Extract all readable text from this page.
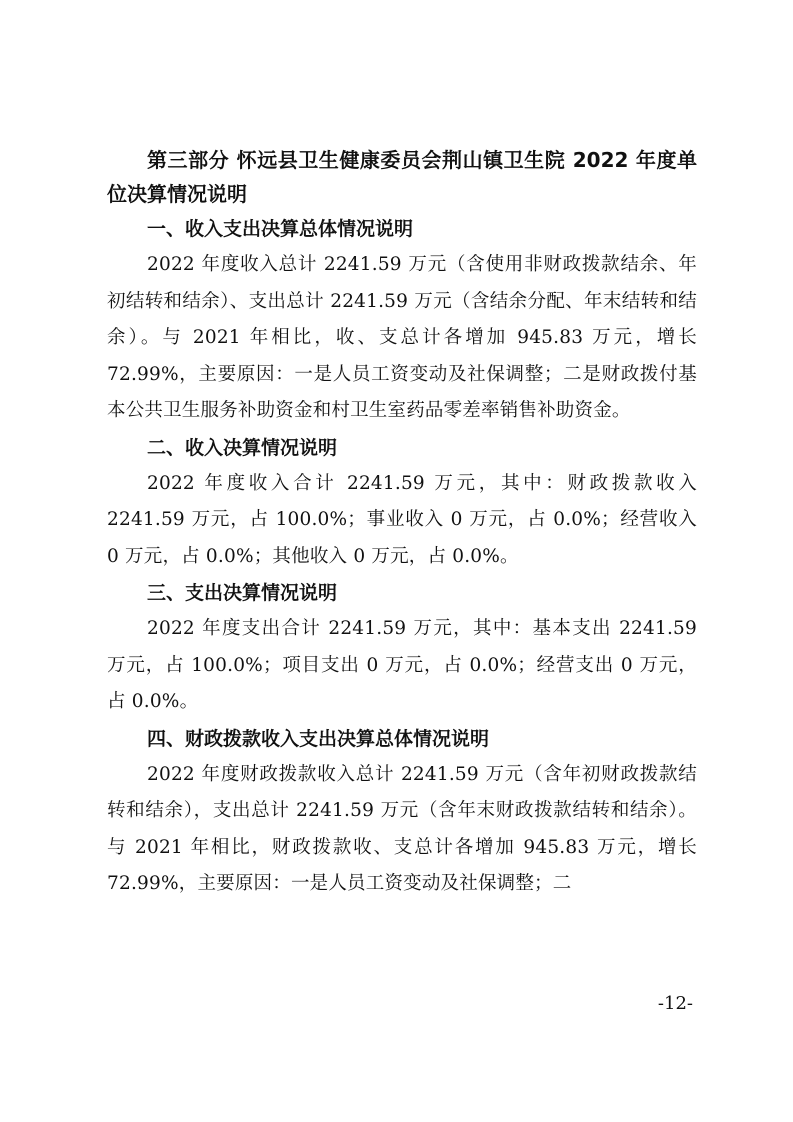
第三部分 怀远县卫生健康委员会荆山镇卫生院 2022 年度单位决算情况说明

一、收入支出决算总体情况说明

2022 年度收入总计 2241.59 万元（含使用非财政拨款结余、年初结转和结余）、支出总计 2241.59 万元（含结余分配、年末结转和结余）。与 2021 年相比，收、支总计各增加 945.83 万元，增长 72.99%，主要原因：一是人员工资变动及社保调整；二是财政拨付基本公共卫生服务补助资金和村卫生室药品零差率销售补助资金。

二、收入决算情况说明

2022 年度收入合计 2241.59 万元，其中：财政拨款收入 2241.59 万元，占 100.0%；事业收入 0 万元，占 0.0%；经营收入 0 万元，占 0.0%；其他收入 0 万元，占 0.0%。

三、支出决算情况说明

2022 年度支出合计 2241.59 万元，其中：基本支出 2241.59 万元，占 100.0%；项目支出 0 万元，占 0.0%；经营支出 0 万元，占 0.0%。

四、财政拨款收入支出决算总体情况说明

2022 年度财政拨款收入总计 2241.59 万元（含年初财政拨款结转和结余），支出总计 2241.59 万元（含年末财政拨款结转和结余）。与 2021 年相比，财政拨款收、支总计各增加 945.83 万元，增长 72.99%，主要原因：一是人员工资变动及社保调整；二

-12-
